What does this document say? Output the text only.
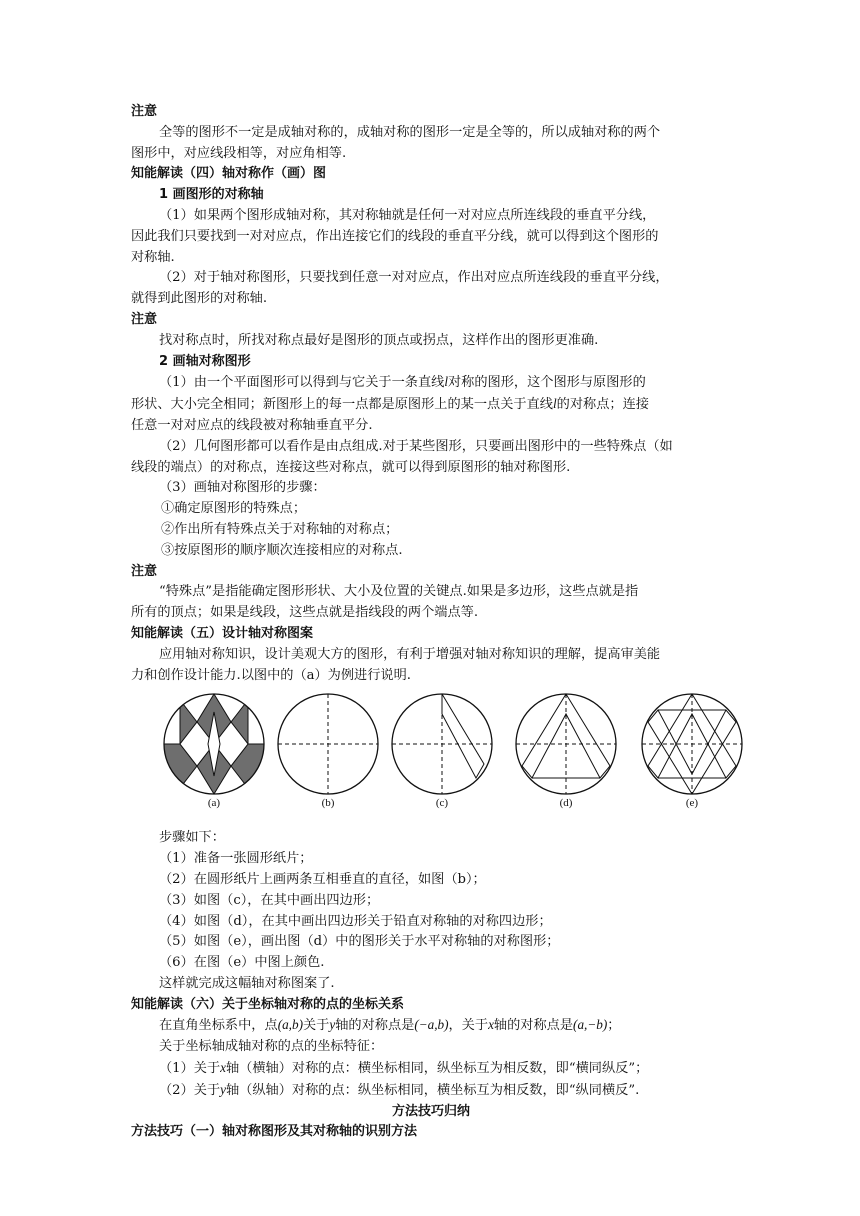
注意
全等的图形不一定是成轴对称的，成轴对称的图形一定是全等的，所以成轴对称的两个
图形中，对应线段相等，对应角相等.
知能解读（四）轴对称作（画）图
1 画图形的对称轴
（1）如果两个图形成轴对称，其对称轴就是任何一对对应点所连线段的垂直平分线，
因此我们只要找到一对对应点，作出连接它们的线段的垂直平分线，就可以得到这个图形的
对称轴.
（2）对于轴对称图形，只要找到任意一对对应点，作出对应点所连线段的垂直平分线，
就得到此图形的对称轴.
注意
找对称点时，所找对称点最好是图形的顶点或拐点，这样作出的图形更准确.
2 画轴对称图形
（1）由一个平面图形可以得到与它关于一条直线l对称的图形，这个图形与原图形的
形状、大小完全相同；新图形上的每一点都是原图形上的某一点关于直线l的对称点；连接
任意一对对应点的线段被对称轴垂直平分.
（2）几何图形都可以看作是由点组成.对于某些图形，只要画出图形中的一些特殊点（如
线段的端点）的对称点，连接这些对称点，就可以得到原图形的轴对称图形.
（3）画轴对称图形的步骤：
①确定原图形的特殊点；
②作出所有特殊点关于对称轴的对称点；
③按原图形的顺序顺次连接相应的对称点.
注意
“特殊点”是指能确定图形形状、大小及位置的关键点.如果是多边形，这些点就是指
所有的顶点；如果是线段，这些点就是指线段的两个端点等.
知能解读（五）设计轴对称图案
应用轴对称知识，设计美观大方的图形，有利于增强对轴对称知识的理解，提高审美能
力和创作设计能力.以图中的（a）为例进行说明.
(a)	(b)	(c)	(d)	(e)
步骤如下：
（1）准备一张圆形纸片；
（2）在圆形纸片上画两条互相垂直的直径，如图（b）；
（3）如图（c），在其中画出四边形；
（4）如图（d），在其中画出四边形关于铅直对称轴的对称四边形；
（5）如图（e），画出图（d）中的图形关于水平对称轴的对称图形；
（6）在图（e）中图上颜色.
这样就完成这幅轴对称图案了.
知能解读（六）关于坐标轴对称的点的坐标关系
在直角坐标系中，点(a,b)关于y轴的对称点是(−a,b)，关于x轴的对称点是(a,−b)；
关于坐标轴成轴对称的点的坐标特征：
（1）关于x轴（横轴）对称的点：横坐标相同，纵坐标互为相反数，即“横同纵反”；
（2）关于y轴（纵轴）对称的点：纵坐标相同，横坐标互为相反数，即“纵同横反”.
方法技巧归纳
方法技巧（一）轴对称图形及其对称轴的识别方法
